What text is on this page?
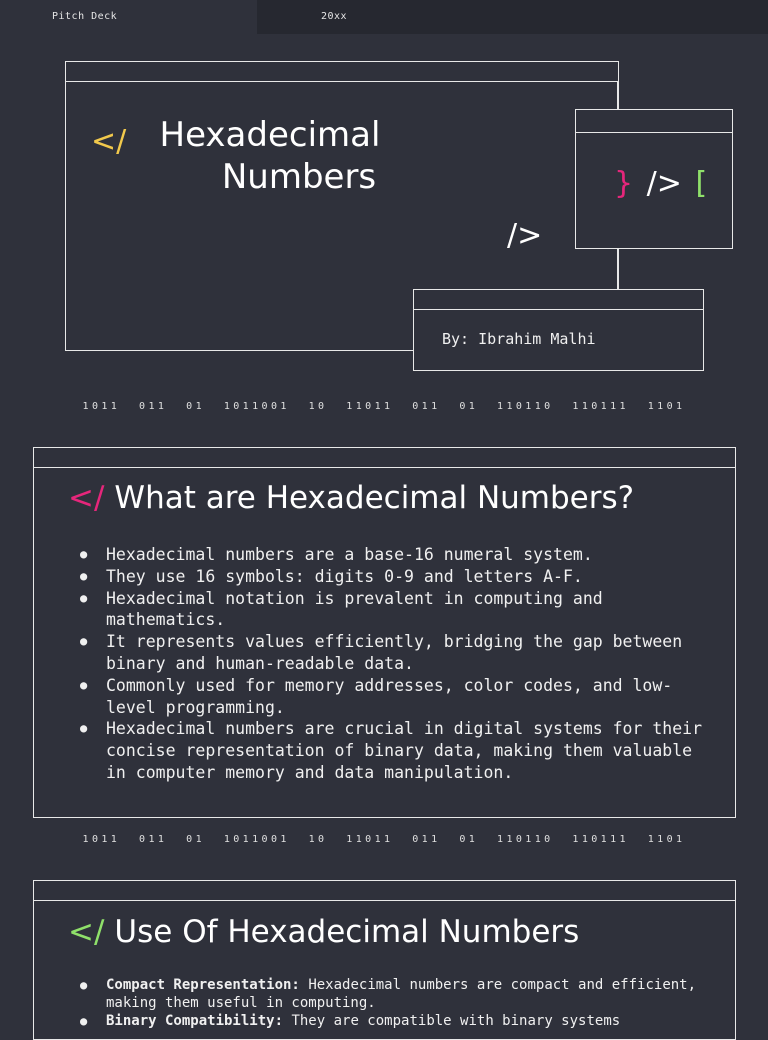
Pitch Deck	20xx
</ Hexadecimal
Numbers
/>
} /> [
By: Ibrahim Malhi
1011  011  01  1011001  10  11011  011  01  110110  110111  1101
</ What are Hexadecimal Numbers?
● Hexadecimal numbers are a base-16 numeral system.
● They use 16 symbols: digits 0-9 and letters A-F.
● Hexadecimal notation is prevalent in computing and mathematics.
● It represents values efficiently, bridging the gap between binary and human-readable data.
● Commonly used for memory addresses, color codes, and low-level programming.
● Hexadecimal numbers are crucial in digital systems for their concise representation of binary data, making them valuable in computer memory and data manipulation.
1011  011  01  1011001  10  11011  011  01  110110  110111  1101
</ Use Of Hexadecimal Numbers
● Compact Representation: Hexadecimal numbers are compact and efficient, making them useful in computing.
● Binary Compatibility: They are compatible with binary systems
